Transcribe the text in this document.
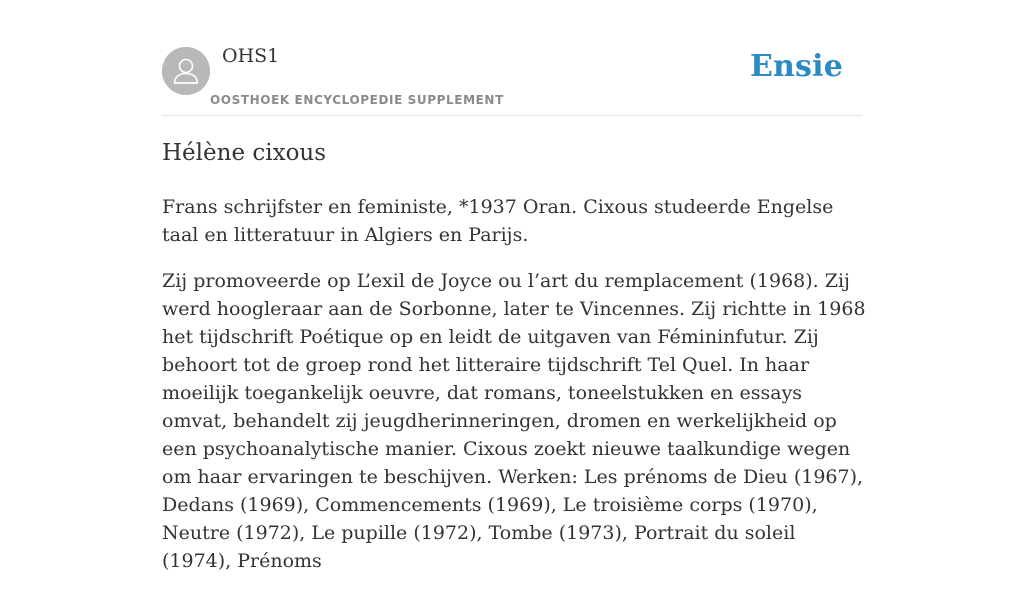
OHS1
OOSTHOEK ENCYCLOPEDIE SUPPLEMENT
Ensie
Hélène cixous

Frans schrijfster en feministe, *1937 Oran. Cixous studeerde Engelse taal en litteratuur in Algiers en Parijs.

Zij promoveerde op L’exil de Joyce ou l’art du remplacement (1968). Zij werd hoogleraar aan de Sorbonne, later te Vincennes. Zij richtte in 1968 het tijdschrift Poétique op en leidt de uitgaven van Fémininfutur. Zij behoort tot de groep rond het litteraire tijdschrift Tel Quel. In haar moeilijk toegankelijk oeuvre, dat romans, toneelstukken en essays omvat, behandelt zij jeugdherinneringen, dromen en werkelijkheid op een psychoanalytische manier. Cixous zoekt nieuwe taalkundige wegen om haar ervaringen te beschijven. Werken: Les prénoms de Dieu (1967), Dedans (1969), Commencements (1969), Le troisième corps (1970), Neutre (1972), Le pupille (1972), Tombe (1973), Portrait du soleil (1974), Prénoms
